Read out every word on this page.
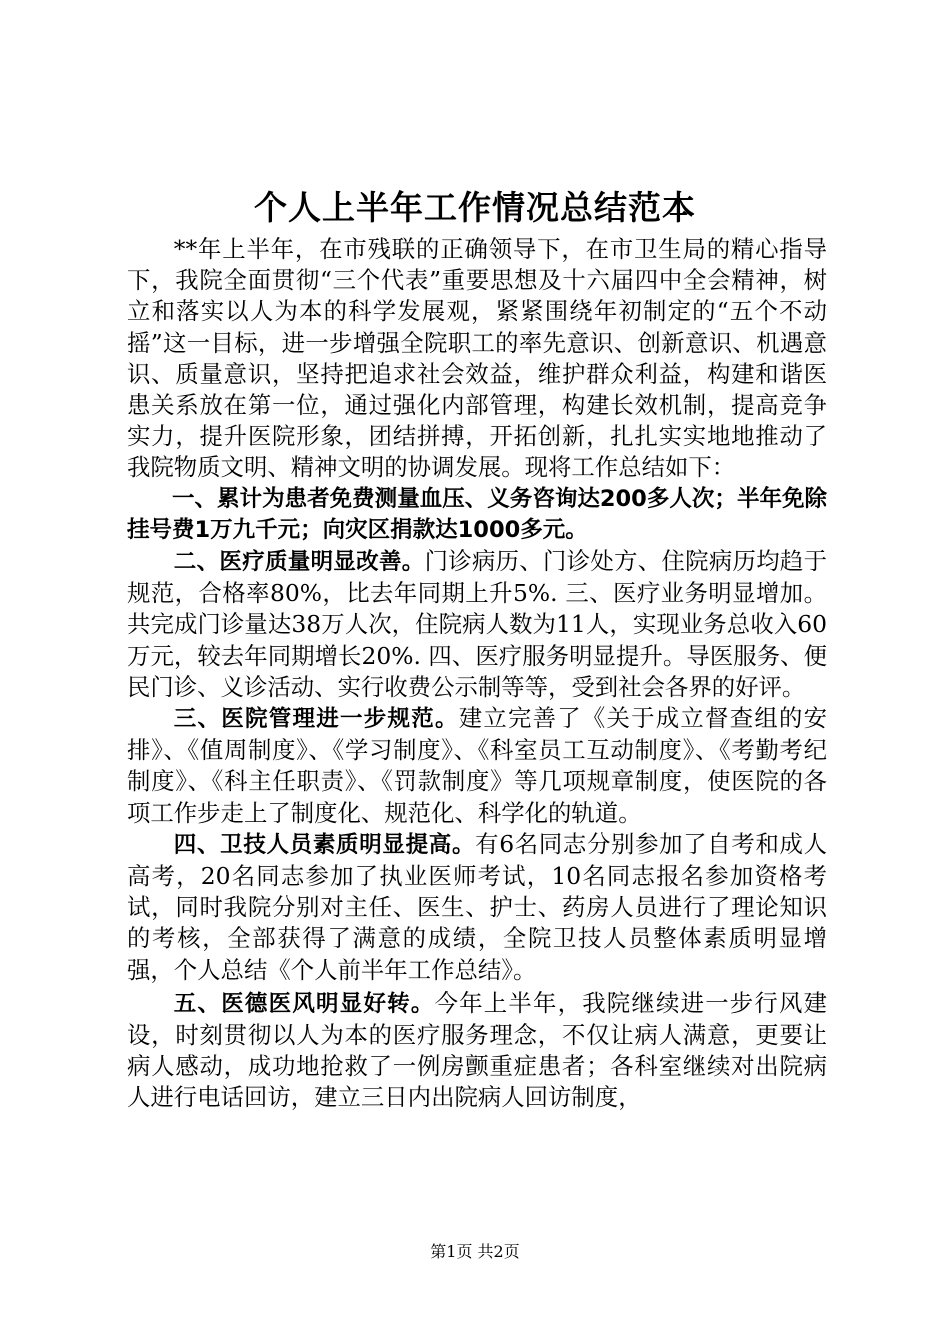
个人上半年工作情况总结范本

**年上半年，在市残联的正确领导下，在市卫生局的精心指导下，我院全面贯彻“三个代表”重要思想及十六届四中全会精神，树立和落实以人为本的科学发展观，紧紧围绕年初制定的“五个不动摇”这一目标，进一步增强全院职工的率先意识、创新意识、机遇意识、质量意识，坚持把追求社会效益，维护群众利益，构建和谐医患关系放在第一位，通过强化内部管理，构建长效机制，提高竞争实力，提升医院形象，团结拼搏，开拓创新，扎扎实实地地推动了我院物质文明、精神文明的协调发展。现将工作总结如下：

一、累计为患者免费测量血压、义务咨询达200多人次；半年免除挂号费1万九千元；向灾区捐款达1000多元。

二、医疗质量明显改善。门诊病历、门诊处方、住院病历均趋于规范，合格率80%，比去年同期上升5%. 三、医疗业务明显增加。共完成门诊量达38万人次，住院病人数为11人，实现业务总收入60万元，较去年同期增长20%. 四、医疗服务明显提升。导医服务、便民门诊、义诊活动、实行收费公示制等等，受到社会各界的好评。

三、医院管理进一步规范。建立完善了《关于成立督查组的安排》、《值周制度》、《学习制度》、《科室员工互动制度》、《考勤考纪制度》、《科主任职责》、《罚款制度》等几项规章制度，使医院的各项工作步走上了制度化、规范化、科学化的轨道。

四、卫技人员素质明显提高。有6名同志分别参加了自考和成人高考，20名同志参加了执业医师考试，10名同志报名参加资格考试，同时我院分别对主任、医生、护士、药房人员进行了理论知识的考核，全部获得了满意的成绩，全院卫技人员整体素质明显增强，个人总结《个人前半年工作总结》。

五、医德医风明显好转。今年上半年，我院继续进一步行风建设，时刻贯彻以人为本的医疗服务理念，不仅让病人满意，更要让病人感动，成功地抢救了一例房颤重症患者；各科室继续对出院病人进行电话回访，建立三日内出院病人回访制度，

第1页 共2页
